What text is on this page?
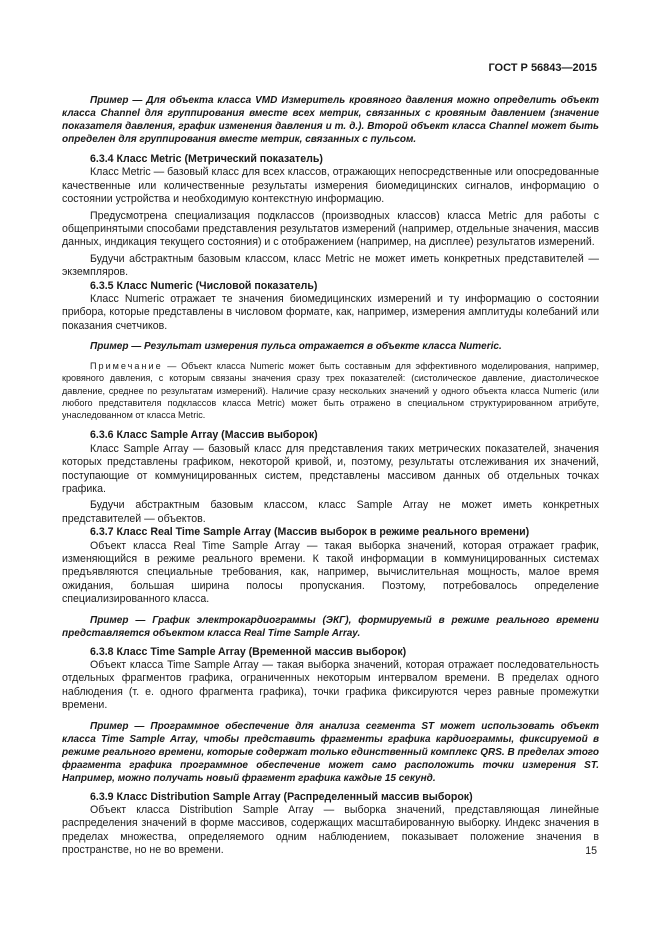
ГОСТ Р 56843—2015

Пример — Для объекта класса VMD Измеритель кровяного давления можно определить объект класса Channel для группирования вместе всех метрик, связанных с кровяным давлением (значение показателя давления, график изменения давления и т. д.). Второй объект класса Channel может быть определен для группирования вместе метрик, связанных с пульсом.

6.3.4 Класс Metric (Метрический показатель)

Класс Metric — базовый класс для всех классов, отражающих непосредственные или опосредованные качественные или количественные результаты измерения биомедицинских сигналов, информацию о состоянии устройства и необходимую контекстную информацию.

Предусмотрена специализация подклассов (производных классов) класса Metric для работы с общепринятыми способами представления результатов измерений (например, отдельные значения, массив данных, индикация текущего состояния) и с отображением (например, на дисплее) результатов измерений.

Будучи абстрактным базовым классом, класс Metric не может иметь конкретных представителей — экземпляров.

6.3.5 Класс Numeric (Числовой показатель)

Класс Numeric отражает те значения биомедицинских измерений и ту информацию о состоянии прибора, которые представлены в числовом формате, как, например, измерения амплитуды колебаний или показания счетчиков.

Пример — Результат измерения пульса отражается в объекте класса Numeric.

Примечание — Объект класса Numeric может быть составным для эффективного моделирования, например, кровяного давления, с которым связаны значения сразу трех показателей: (систолическое давление, диастолическое давление, среднее по результатам измерений). Наличие сразу нескольких значений у одного объекта класса Numeric (или любого представителя подклассов класса Metric) может быть отражено в специальном структурированном атрибуте, унаследованном от класса Metric.

6.3.6 Класс Sample Array (Массив выборок)

Класс Sample Array — базовый класс для представления таких метрических показателей, значения которых представлены графиком, некоторой кривой, и, поэтому, результаты отслеживания их значений, поступающие от коммуницированных систем, представлены массивом данных об отдельных точках графика.

Будучи абстрактным базовым классом, класс Sample Array не может иметь конкретных представителей — объектов.

6.3.7 Класс Real Time Sample Array (Массив выборок в режиме реального времени)

Объект класса Real Time Sample Array — такая выборка значений, которая отражает график, изменяющийся в режиме реального времени. К такой информации в коммуницированных системах предъявляются специальные требования, как, например, вычислительная мощность, малое время ожидания, большая ширина полосы пропускания. Поэтому, потребовалось определение специализированного класса.

Пример — График электрокардиограммы (ЭКГ), формируемый в режиме реального времени представляется объектом класса Real Time Sample Array.

6.3.8 Класс Time Sample Array (Временной массив выборок)

Объект класса Time Sample Array — такая выборка значений, которая отражает последовательность отдельных фрагментов графика, ограниченных некоторым интервалом времени. В пределах одного наблюдения (т. е. одного фрагмента графика), точки графика фиксируются через равные промежутки времени.

Пример — Программное обеспечение для анализа сегмента ST может использовать объект класса Time Sample Array, чтобы представить фрагменты графика кардиограммы, фиксируемой в режиме реального времени, которые содержат только единственный комплекс QRS. В пределах этого фрагмента графика программное обеспечение может само расположить точки измерения ST. Например, можно получать новый фрагмент графика каждые 15 секунд.

6.3.9 Класс Distribution Sample Array (Распределенный массив выборок)

Объект класса Distribution Sample Array — выборка значений, представляющая линейные распределения значений в форме массивов, содержащих масштабированную выборку. Индекс значения в пределах множества, определяемого одним наблюдением, показывает положение значения в пространстве, но не во времени.	15
